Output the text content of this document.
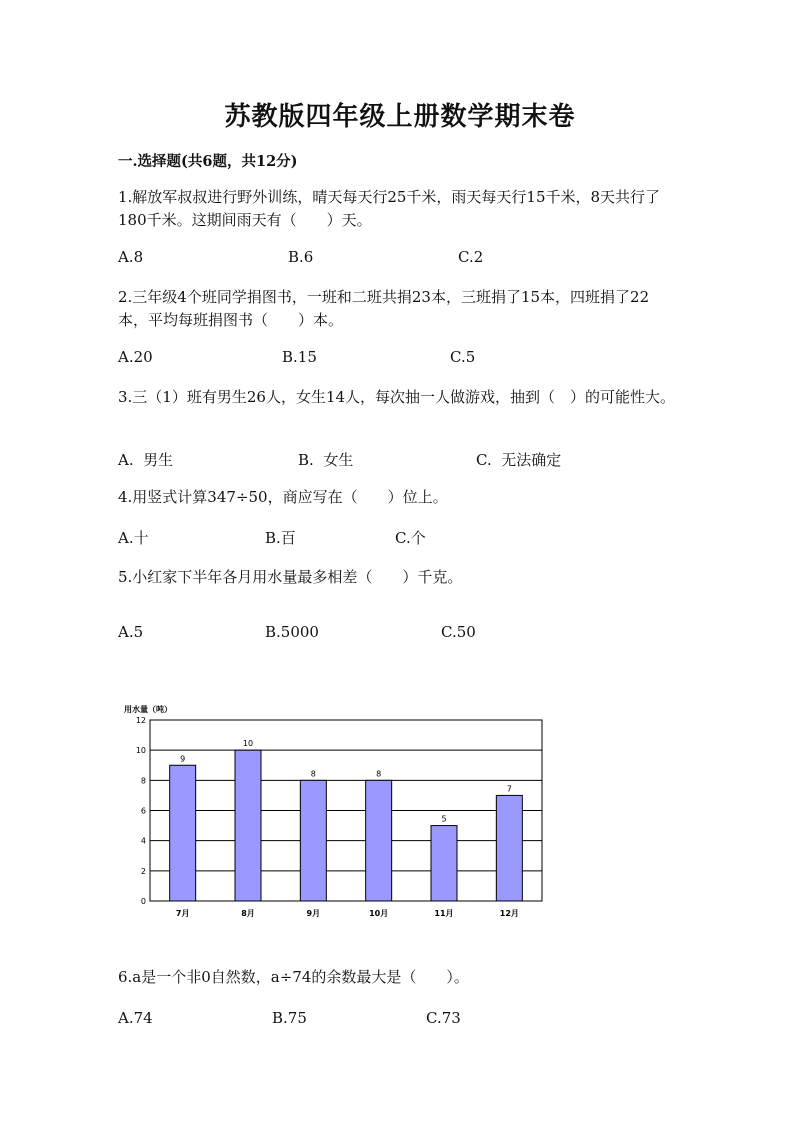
苏教版四年级上册数学期末卷
一.选择题(共6题，共12分)
1.解放军叔叔进行野外训练，晴天每天行25千米，雨天每天行15千米，8天共行了180千米。这期间雨天有（　　）天。
A.8	B.6	C.2
2.三年级4个班同学捐图书，一班和二班共捐23本，三班捐了15本，四班捐了22本，平均每班捐图书（　　）本。
A.20	B.15	C.5
3.三（1）班有男生26人，女生14人，每次抽一人做游戏，抽到（　）的可能性大。
A.  男生	B.  女生	C.  无法确定
4.用竖式计算347÷50，商应写在（　　）位上。
A.十	B.百	C.个
5.小红家下半年各月用水量最多相差（　　）千克。
A.5	B.5000	C.50
用水量（吨）
0
2
4
6
8
10
12
9
7月
10
8月
8
9月
8
10月
5
11月
7
12月
6.a是一个非0自然数，a÷74的余数最大是（　　）。
A.74	B.75	C.73
